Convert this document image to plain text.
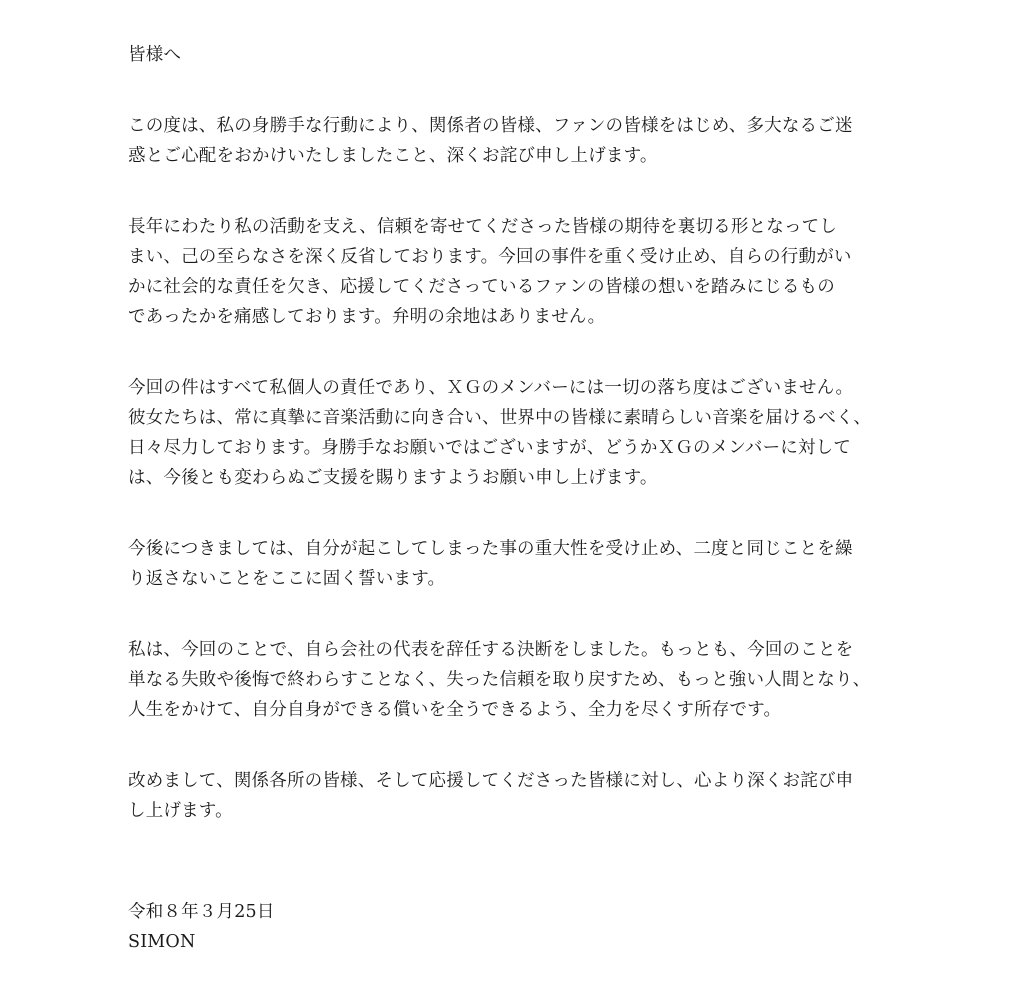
皆様へ
この度は、私の身勝手な行動により、関係者の皆様、ファンの皆様をはじめ、多大なるご迷
惑とご心配をおかけいたしましたこと、深くお詫び申し上げます。
長年にわたり私の活動を支え、信頼を寄せてくださった皆様の期待を裏切る形となってし
まい、己の至らなさを深く反省しております。今回の事件を重く受け止め、自らの行動がい
かに社会的な責任を欠き、応援してくださっているファンの皆様の想いを踏みにじるもの
であったかを痛感しております。弁明の余地はありません。
今回の件はすべて私個人の責任であり、ＸＧのメンバーには一切の落ち度はございません。
彼女たちは、常に真摯に音楽活動に向き合い、世界中の皆様に素晴らしい音楽を届けるべく、
日々尽力しております。身勝手なお願いではございますが、どうかＸＧのメンバーに対して
は、今後とも変わらぬご支援を賜りますようお願い申し上げます。
今後につきましては、自分が起こしてしまった事の重大性を受け止め、二度と同じことを繰
り返さないことをここに固く誓います。
私は、今回のことで、自ら会社の代表を辞任する決断をしました。もっとも、今回のことを
単なる失敗や後悔で終わらすことなく、失った信頼を取り戻すため、もっと強い人間となり、
人生をかけて、自分自身ができる償いを全うできるよう、全力を尽くす所存です。
改めまして、関係各所の皆様、そして応援してくださった皆様に対し、心より深くお詫び申
し上げます。
令和８年３月25日
SIMON
